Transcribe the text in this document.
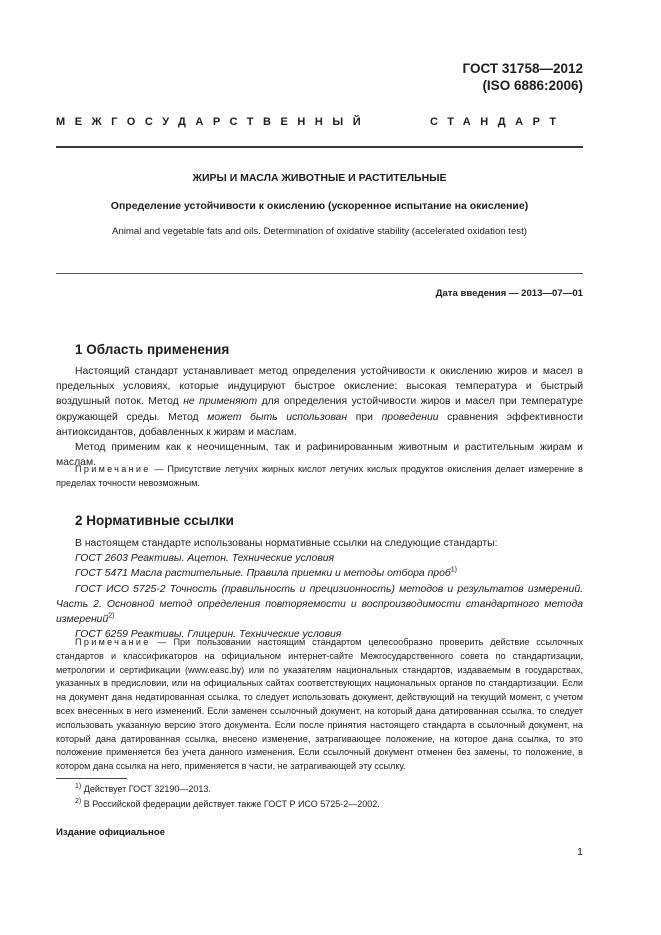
ГОСТ 31758—2012
(ISO 6886:2006)
МЕЖГОСУДАРСТВЕННЫЙ	СТАНДАРТ
ЖИРЫ И МАСЛА ЖИВОТНЫЕ И РАСТИТЕЛЬНЫЕ
Определение устойчивости к окислению (ускоренное испытание на окисление)
Animal and vegetable fats and oils. Determination of oxidative stability (accelerated oxidation test)
Дата введения — 2013—07—01
1 Область применения

Настоящий стандарт устанавливает метод определения устойчивости к окислению жиров и масел в предельных условиях, которые индуцируют быстрое окисление: высокая температура и быстрый воздушный поток. Метод не применяют для определения устойчивости жиров и масел при температуре окружающей среды. Метод может быть использован при проведении сравнения эффективности антиоксидантов, добавленных к жирам и маслам.

Метод применим как к неочищенным, так и рафинированным животным и растительным жирам и маслам.

Примечание — Присутствие летучих жирных кислот летучих кислых продуктов окисления делает измерение в пределах точности невозможным.

2 Нормативные ссылки

В настоящем стандарте использованы нормативные ссылки на следующие стандарты:

ГОСТ 2603 Реактивы. Ацетон. Технические условия

ГОСТ 5471 Масла растительные. Правила приемки и методы отбора проб$^{1)}$

ГОСТ ИСО 5725-2 Точность (правильность и прецизионность) методов и результатов измерений. Часть 2. Основной метод определения повторяемости и воспроизводимости стандартного метода измерений$^{2)}$

ГОСТ 6259 Реактивы. Глицерин. Технические условия

Примечание — При пользовании настоящим стандартом целесообразно проверить действие ссылочных стандартов и классификаторов на официальном интернет-сайте Межгосударственного совета по стандартизации, метрологии и сертификации (www.easc.by) или по указателям национальных стандартов, издаваемым в государствах, указанных в предисловии, или на официальных сайтах соответствующих национальных органов по стандартизации. Если на документ дана недатированная ссылка, то следует использовать документ, действующий на текущий момент, с учетом всех внесенных в него изменений. Если заменен ссылочный документ, на который дана датированная ссылка, то следует использовать указанную версию этого документа. Если после принятия настоящего стандарта в ссылочный документ, на который дана датированная ссылка, внесено изменение, затрагивающее положение, на которое дана ссылка, то это положение применяется без учета данного изменения. Если ссылочный документ отменен без замены, то положение, в котором дана ссылка на него, применяется в части, не затрагивающей эту ссылку.

$^{1)}$ Действует ГОСТ 32190—2013.
$^{2)}$ В Российской федерации действует также ГОСТ Р ИСО 5725-2—2002.
Издание официальное
1
